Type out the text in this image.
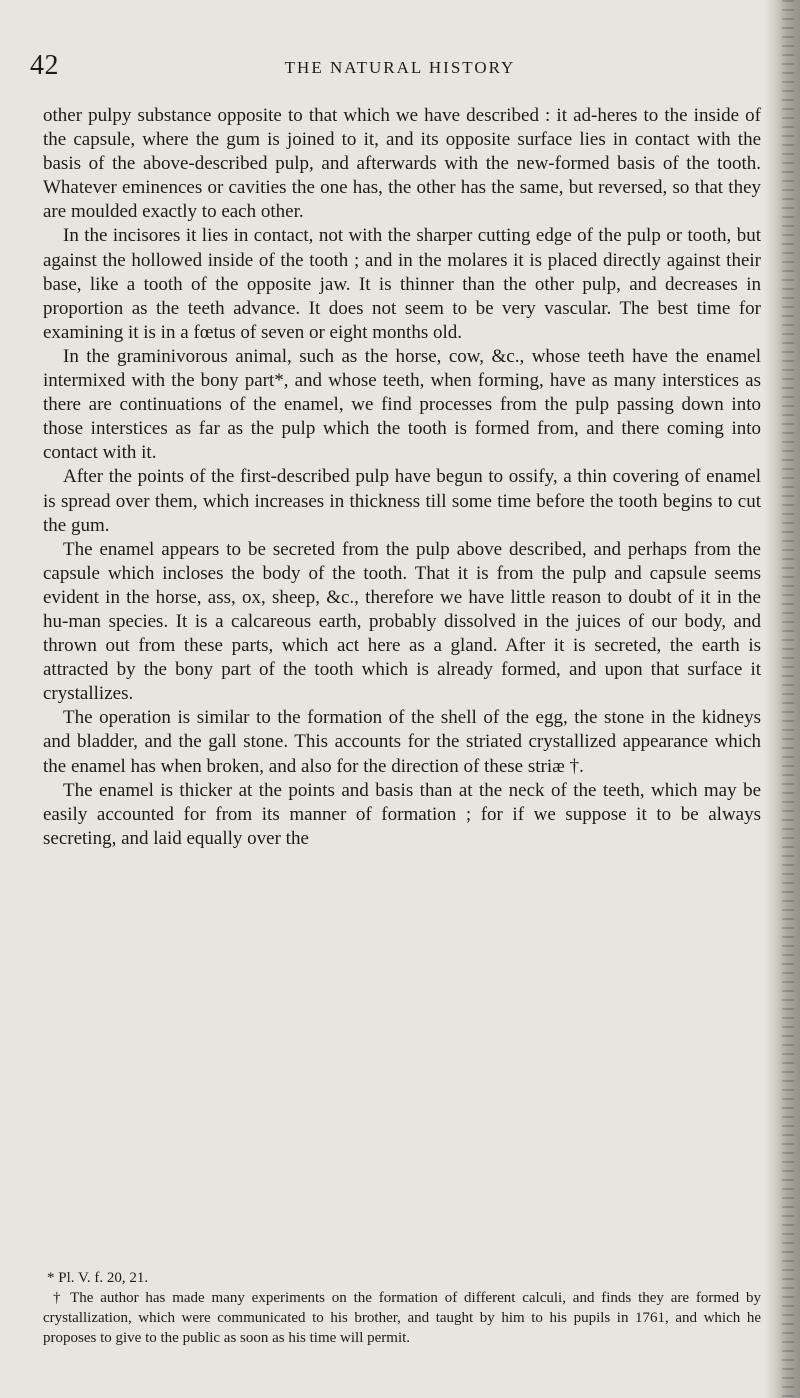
42	THE NATURAL HISTORY

other pulpy substance opposite to that which we have described : it ad-heres to the inside of the capsule, where the gum is joined to it, and its opposite surface lies in contact with the basis of the above-described pulp, and afterwards with the new-formed basis of the tooth. Whatever eminences or cavities the one has, the other has the same, but reversed, so that they are moulded exactly to each other.

In the incisores it lies in contact, not with the sharper cutting edge of the pulp or tooth, but against the hollowed inside of the tooth ; and in the molares it is placed directly against their base, like a tooth of the opposite jaw. It is thinner than the other pulp, and decreases in proportion as the teeth advance. It does not seem to be very vascular. The best time for examining it is in a fœtus of seven or eight months old.

In the graminivorous animal, such as the horse, cow, &c., whose teeth have the enamel intermixed with the bony part*, and whose teeth, when forming, have as many interstices as there are continuations of the enamel, we find processes from the pulp passing down into those interstices as far as the pulp which the tooth is formed from, and there coming into contact with it.

After the points of the first-described pulp have begun to ossify, a thin covering of enamel is spread over them, which increases in thickness till some time before the tooth begins to cut the gum.

The enamel appears to be secreted from the pulp above described, and perhaps from the capsule which incloses the body of the tooth. That it is from the pulp and capsule seems evident in the horse, ass, ox, sheep, &c., therefore we have little reason to doubt of it in the hu-man species. It is a calcareous earth, probably dissolved in the juices of our body, and thrown out from these parts, which act here as a gland. After it is secreted, the earth is attracted by the bony part of the tooth which is already formed, and upon that surface it crystallizes.

The operation is similar to the formation of the shell of the egg, the stone in the kidneys and bladder, and the gall stone. This accounts for the striated crystallized appearance which the enamel has when broken, and also for the direction of these striæ †.

The enamel is thicker at the points and basis than at the neck of the teeth, which may be easily accounted for from its manner of formation ; for if we suppose it to be always secreting, and laid equally over the

* Pl. V. f. 20, 21.

† The author has made many experiments on the formation of different calculi, and finds they are formed by crystallization, which were communicated to his brother, and taught by him to his pupils in 1761, and which he proposes to give to the public as soon as his time will permit.
